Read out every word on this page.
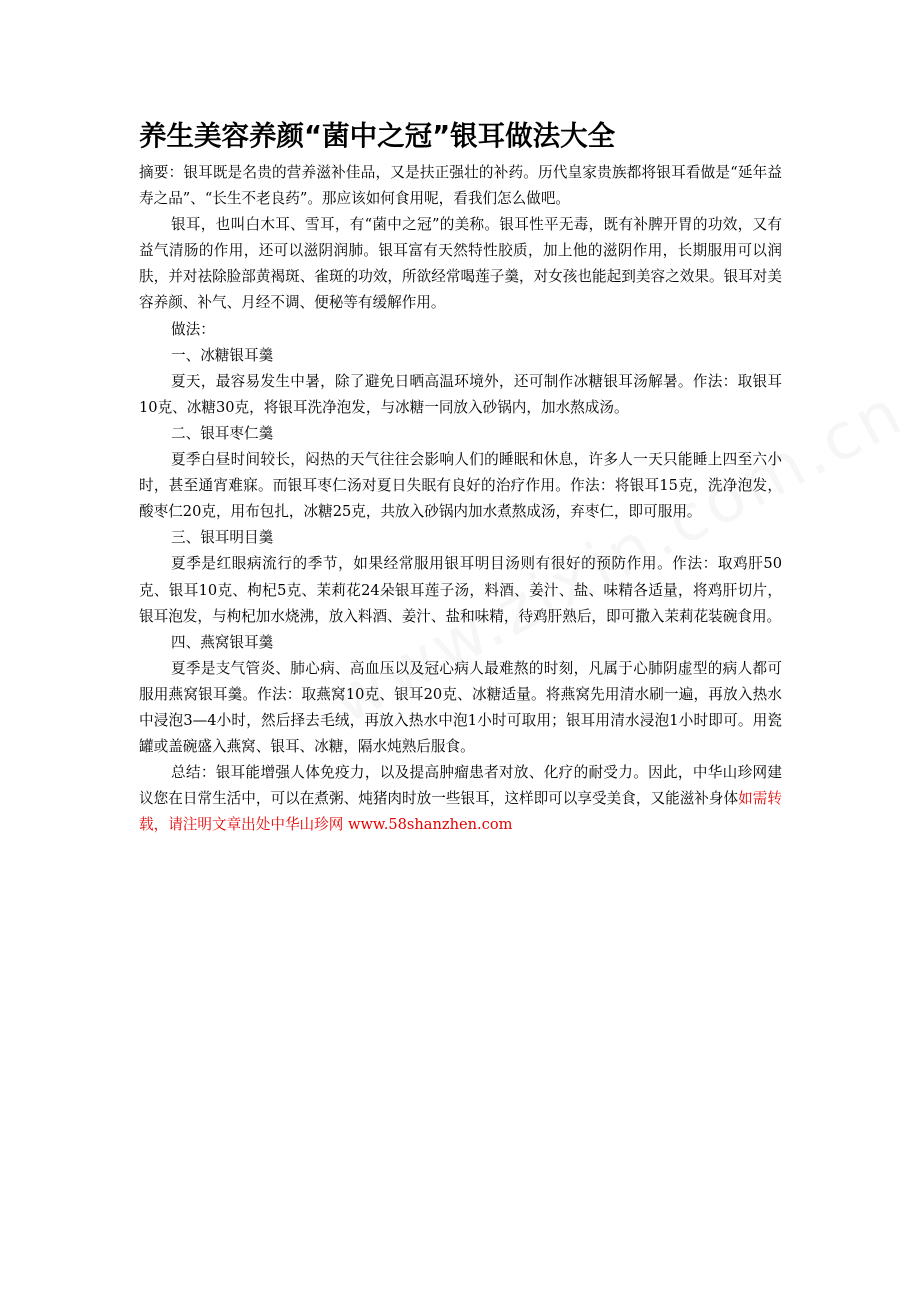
养生美容养颜“菌中之冠”银耳做法大全

摘要：银耳既是名贵的营养滋补佳品，又是扶正强壮的补药。历代皇家贵族都将银耳看做是“延年益寿之品”、“长生不老良药”。那应该如何食用呢，看我们怎么做吧。

银耳，也叫白木耳、雪耳，有“菌中之冠”的美称。银耳性平无毒，既有补脾开胃的功效，又有益气清肠的作用，还可以滋阴润肺。银耳富有天然特性胶质，加上他的滋阴作用，长期服用可以润肤，并对祛除脸部黄褐斑、雀斑的功效，所欲经常喝莲子羹，对女孩也能起到美容之效果。银耳对美容养颜、补气、月经不调、便秘等有缓解作用。

做法：

一、冰糖银耳羹

夏天，最容易发生中暑，除了避免日晒高温环境外，还可制作冰糖银耳汤解暑。作法：取银耳10克、冰糖30克，将银耳洗净泡发，与冰糖一同放入砂锅内，加水熬成汤。

二、银耳枣仁羹

夏季白昼时间较长，闷热的天气往往会影响人们的睡眠和休息，许多人一天只能睡上四至六小时，甚至通宵难寐。而银耳枣仁汤对夏日失眠有良好的治疗作用。作法：将银耳15克，洗净泡发，酸枣仁20克，用布包扎，冰糖25克，共放入砂锅内加水煮熬成汤，弃枣仁，即可服用。

三、银耳明目羹

夏季是红眼病流行的季节，如果经常服用银耳明目汤则有很好的预防作用。作法：取鸡肝50克、银耳10克、枸杞5克、茉莉花24朵银耳莲子汤，料酒、姜汁、盐、味精各适量，将鸡肝切片，银耳泡发，与枸杞加水烧沸，放入料酒、姜汁、盐和味精，待鸡肝熟后，即可撒入茉莉花装碗食用。

四、燕窝银耳羹

夏季是支气管炎、肺心病、高血压以及冠心病人最难熬的时刻，凡属于心肺阴虚型的病人都可服用燕窝银耳羹。作法：取燕窝10克、银耳20克、冰糖适量。将燕窝先用清水刷一遍，再放入热水中浸泡3—4小时，然后择去毛绒，再放入热水中泡1小时可取用；银耳用清水浸泡1小时即可。用瓷罐或盖碗盛入燕窝、银耳、冰糖，隔水炖熟后服食。

总结：银耳能增强人体免疫力，以及提高肿瘤患者对放、化疗的耐受力。因此，中华山珍网建议您在日常生活中，可以在煮粥、炖猪肉时放一些银耳，这样即可以享受美食，又能滋补身体如需转载，请注明文章出处中华山珍网 www.58shanzhen.com
